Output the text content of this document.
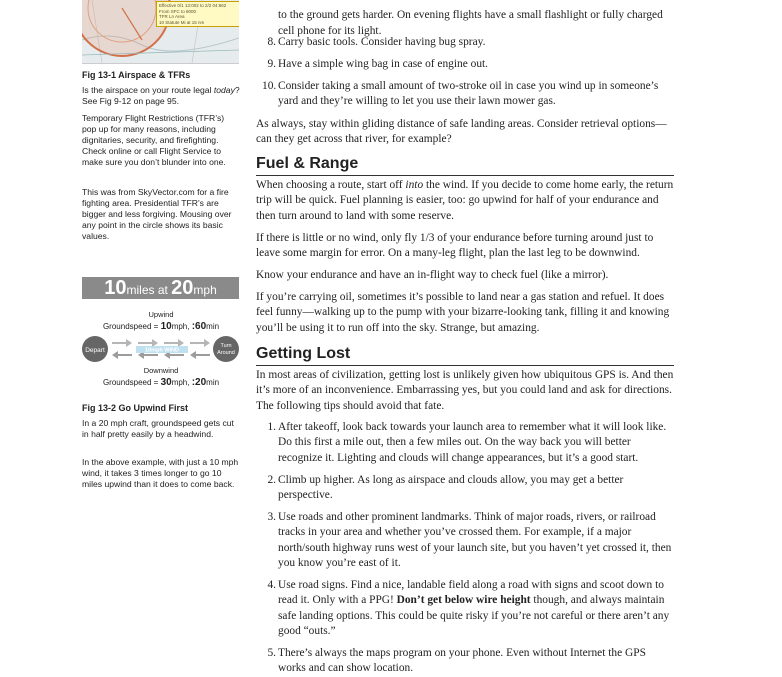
Effective 0/1 13:002 to 2/2 04:662
From SFC to 8000
TFR Ln Area
10 Statute Mi at 15 nm
Fig 13-1 Airspace & TFRs

Is the airspace on your route legal today? See Fig 9-12 on page 95.

Temporary Flight Restrictions (TFR’s) pop up for many reasons, including dignitaries, security, and firefighting. Check online or call Flight Service to make sure you don’t blunder into one.

This was from SkyVector.com for a fire fighting area. Presidential TFR’s are bigger and less forgiving. Mousing over any point in the circle shows its basic values.

10miles at 20mph
Upwind
Groundspeed = 10mph, :60min
Depart
Turn
Around
10mph WIND
Downwind
Groundspeed = 30mph, :20min
Fig 13-2 Go Upwind First

In a 20 mph craft, groundspeed gets cut in half pretty easily by a headwind.

In the above example, with just a 10 mph wind, it takes 3 times longer to go 10 miles upwind than it does to come back.

to the ground gets harder. On evening flights have a small flashlight or fully charged cell phone for its light.

8. Carry basic tools. Consider having bug spray.

9. Have a simple wing bag in case of engine out.

10. Consider taking a small amount of two-stroke oil in case you wind up in someone’s yard and they’re willing to let you use their lawn mower gas.

As always, stay within gliding distance of safe landing areas. Consider retrieval options—can they get across that river, for example?

Fuel & Range

When choosing a route, start off into the wind. If you decide to come home early, the return trip will be quick. Fuel planning is easier, too: go upwind for half of your endurance and then turn around to land with some reserve.

If there is little or no wind, only fly 1/3 of your endurance before turning around just to leave some margin for error. On a many-leg flight, plan the last leg to be downwind.

Know your endurance and have an in-flight way to check fuel (like a mirror).

If you’re carrying oil, sometimes it’s possible to land near a gas station and refuel. It does feel funny—walking up to the pump with your bizarre-looking tank, filling it and knowing you’ll be using it to run off into the sky. Strange, but amazing.

Getting Lost

In most areas of civilization, getting lost is unlikely given how ubiquitous GPS is. And then it’s more of an inconvenience. Embarrassing yes, but you could land and ask for directions. The following tips should avoid that fate.

1. After takeoff, look back towards your launch area to remember what it will look like. Do this first a mile out, then a few miles out. On the way back you will better recognize it. Lighting and clouds will change appearances, but it’s a good start.

2. Climb up higher. As long as airspace and clouds allow, you may get a better perspective.

3. Use roads and other prominent landmarks. Think of major roads, rivers, or railroad tracks in your area and whether you’ve crossed them. For example, if a major north/south highway runs west of your launch site, but you haven’t yet crossed it, then you know you’re east of it.

4. Use road signs. Find a nice, landable field along a road with signs and scoot down to read it. Only with a PPG! Don’t get below wire height though, and always maintain safe landing options. This could be quite risky if you’re not careful or there aren’t any good “outs.”

5. There’s always the maps program on your phone. Even without Internet the GPS works and can show location.
